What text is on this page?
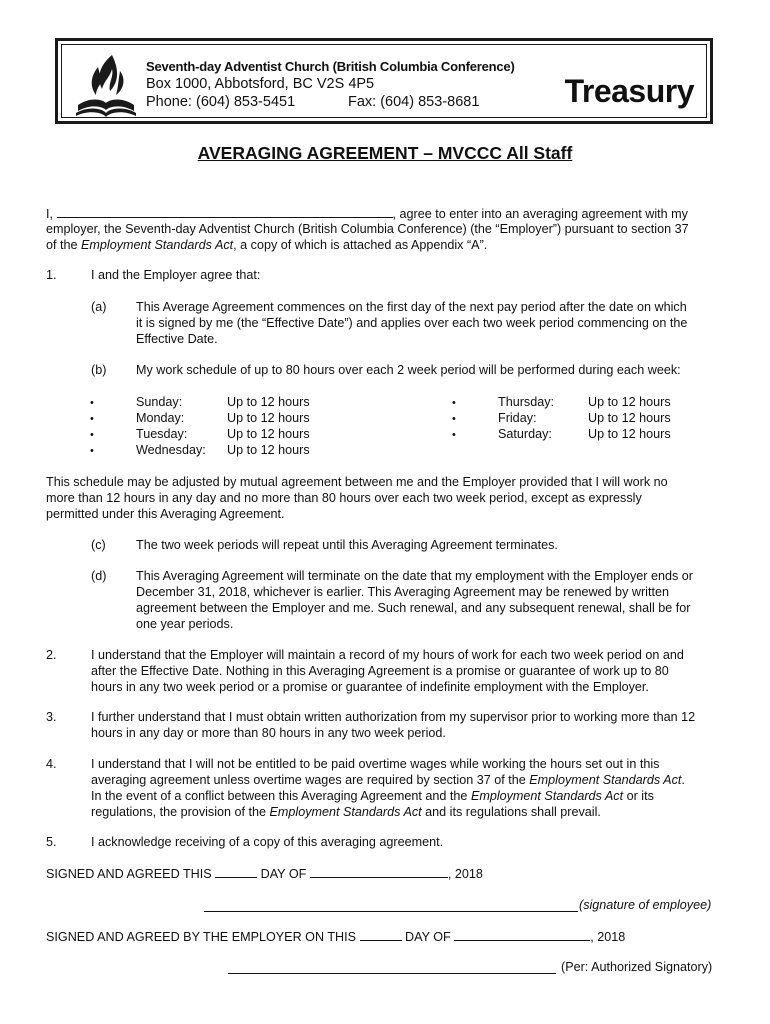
Seventh-day Adventist Church (British Columbia Conference)
Box 1000, Abbotsford, BC V2S 4P5
Phone: (604) 853-5451	Fax: (604) 853-8681	Treasury
AVERAGING AGREEMENT – MVCCC All Staff
I,	, agree to enter into an averaging agreement with my
employer, the Seventh-day Adventist Church (British Columbia Conference) (the “Employer”) pursuant to section 37
of the Employment Standards Act, a copy of which is attached as Appendix “A”.
1.	I and the Employer agree that:
(a) This Average Agreement commences on the first day of the next pay period after the date on which
it is signed by me (the “Effective Date”) and applies over each two week period commencing on the
Effective Date.
(b) My work schedule of up to 80 hours over each 2 week period will be performed during each week:
•	Sunday:	Up to 12 hours
•	Monday:	Up to 12 hours
•	Tuesday:	Up to 12 hours
•	Wednesday: Up to 12 hours
•	Thursday:	Up to 12 hours
•	Friday:	Up to 12 hours
•	Saturday:	Up to 12 hours
This schedule may be adjusted by mutual agreement between me and the Employer provided that I will work no
more than 12 hours in any day and no more than 80 hours over each two week period, except as expressly
permitted under this Averaging Agreement.
(c) The two week periods will repeat until this Averaging Agreement terminates.
(d) This Averaging Agreement will terminate on the date that my employment with the Employer ends or
December 31, 2018, whichever is earlier. This Averaging Agreement may be renewed by written
agreement between the Employer and me. Such renewal, and any subsequent renewal, shall be for
one year periods.
2.	I understand that the Employer will maintain a record of my hours of work for each two week period on and
after the Effective Date. Nothing in this Averaging Agreement is a promise or guarantee of work up to 80
hours in any two week period or a promise or guarantee of indefinite employment with the Employer.
3.	I further understand that I must obtain written authorization from my supervisor prior to working more than 12
hours in any day or more than 80 hours in any two week period.
4.	I understand that I will not be entitled to be paid overtime wages while working the hours set out in this
averaging agreement unless overtime wages are required by section 37 of the Employment Standards Act.
In the event of a conflict between this Averaging Agreement and the Employment Standards Act or its
regulations, the provision of the Employment Standards Act and its regulations shall prevail.
5.	I acknowledge receiving of a copy of this averaging agreement.
SIGNED AND AGREED THIS	DAY OF	, 2018
(signature of employee)
SIGNED AND AGREED BY THE EMPLOYER ON THIS	DAY OF	, 2018
(Per: Authorized Signatory)
